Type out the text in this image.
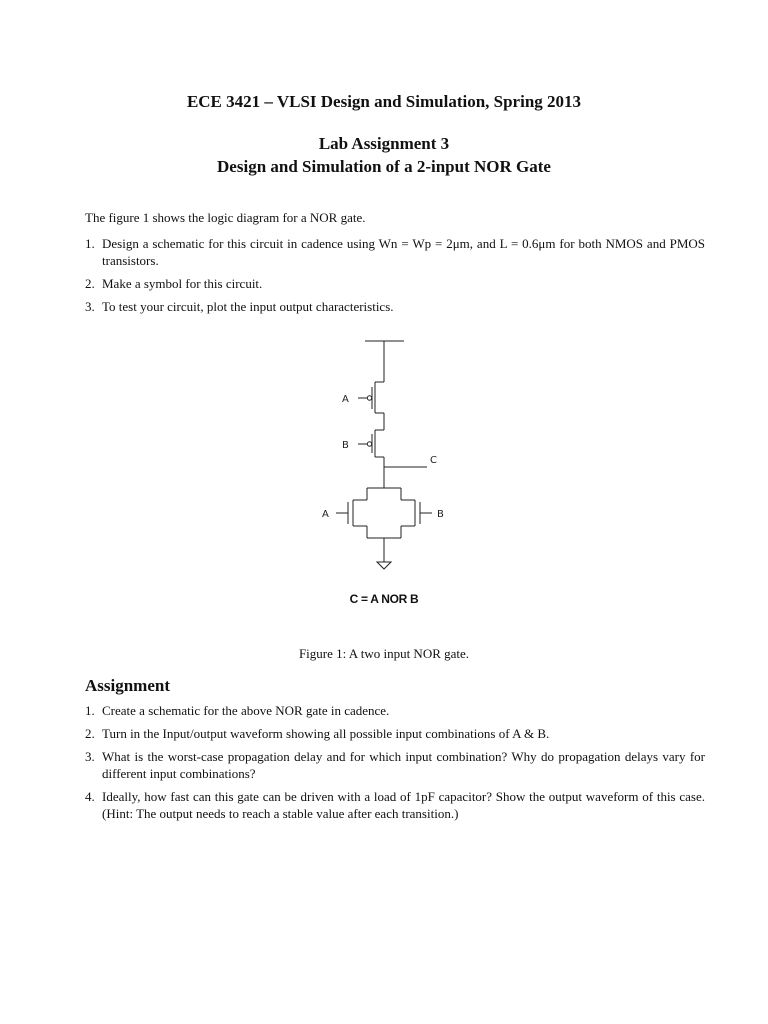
ECE 3421 – VLSI Design and Simulation, Spring 2013
Lab Assignment 3
Design and Simulation of a 2-input NOR Gate
The figure 1 shows the logic diagram for a NOR gate.
1. Design a schematic for this circuit in cadence using Wn = Wp = 2μm, and L = 0.6μm for both NMOS and PMOS transistors.
2. Make a symbol for this circuit.
3. To test your circuit, plot the input output characteristics.
A
B
C
A	B
C = A NOR B
Figure 1: A two input NOR gate.
Assignment
1. Create a schematic for the above NOR gate in cadence.
2. Turn in the Input/output waveform showing all possible input combinations of A & B.
3. What is the worst-case propagation delay and for which input combination? Why do propagation delays vary for different input combinations?
4. Ideally, how fast can this gate can be driven with a load of 1pF capacitor? Show the output waveform of this case. (Hint: The output needs to reach a stable value after each transition.)
